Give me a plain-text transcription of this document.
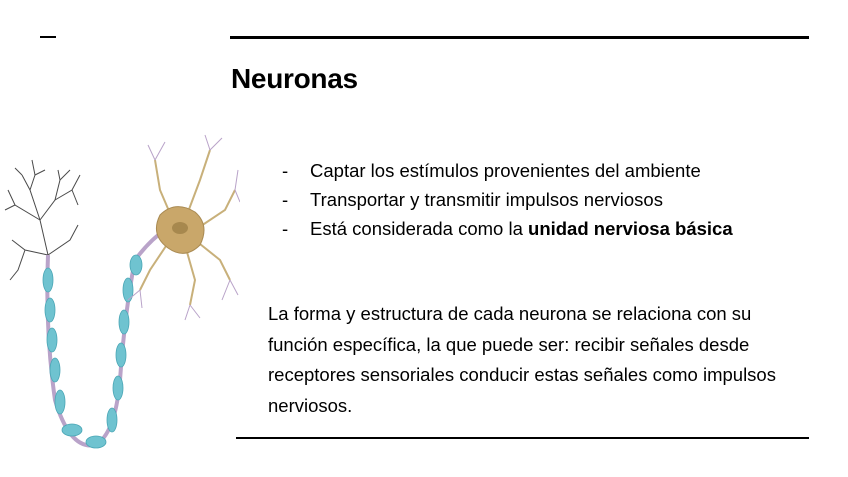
Neuronas
-	Captar los estímulos provenientes del ambiente
-	Transportar y transmitir impulsos nerviosos
-	Está considerada como la unidad nerviosa básica

La forma y estructura de cada neurona se relaciona con su función específica, la que puede ser: recibir señales desde receptores sensoriales conducir estas señales como impulsos nerviosos.
